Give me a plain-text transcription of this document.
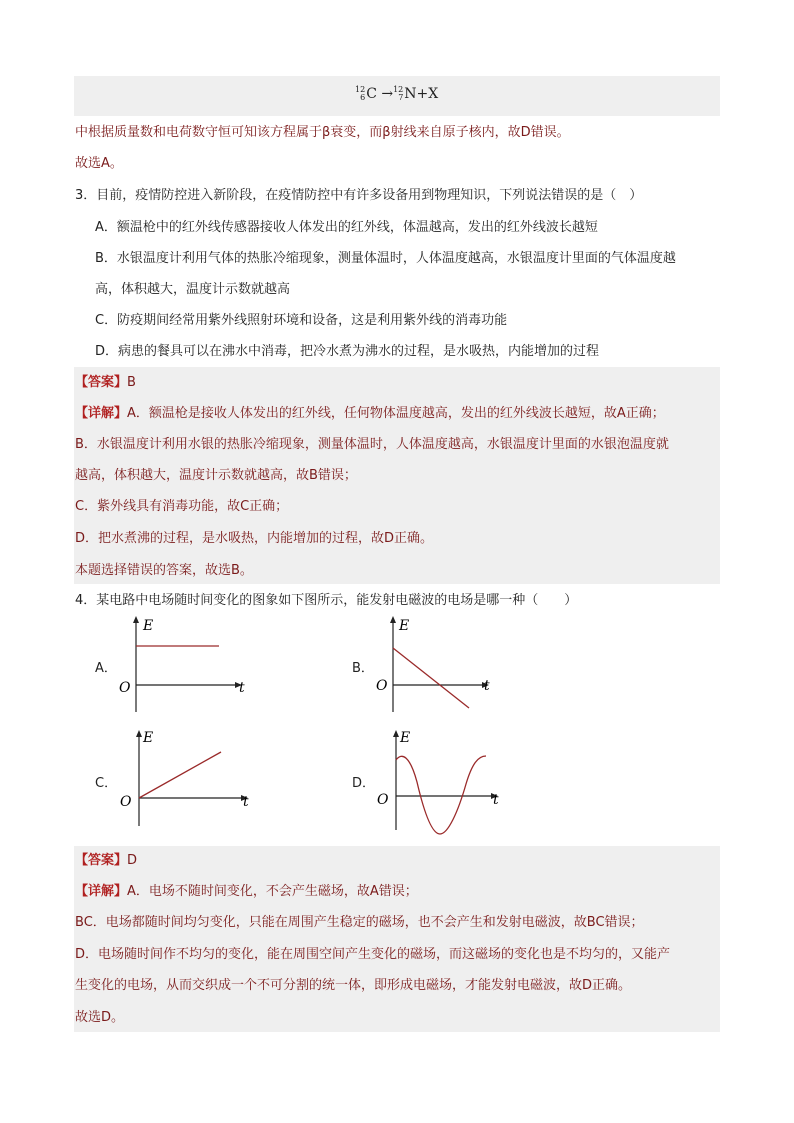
12
6C →12
7N+X
中根据质量数和电荷数守恒可知该方程属于β衰变，而β射线来自原子核内，故D错误。
故选A。
3．目前，疫情防控进入新阶段，在疫情防控中有许多设备用到物理知识，下列说法错误的是（　）
A．额温枪中的红外线传感器接收人体发出的红外线，体温越高，发出的红外线波长越短
B．水银温度计利用气体的热胀冷缩现象，测量体温时，人体温度越高，水银温度计里面的气体温度越
高，体积越大，温度计示数就越高
C．防疫期间经常用紫外线照射环境和设备，这是利用紫外线的消毒功能
D．病患的餐具可以在沸水中消毒，把冷水煮为沸水的过程，是水吸热，内能增加的过程
【答案】B
【详解】A．额温枪是接收人体发出的红外线，任何物体温度越高，发出的红外线波长越短，故A正确；
B．水银温度计利用水银的热胀冷缩现象，测量体温时，人体温度越高，水银温度计里面的水银泡温度就
越高，体积越大，温度计示数就越高，故B错误；
C．紫外线具有消毒功能，故C正确；
D．把水煮沸的过程，是水吸热，内能增加的过程，故D正确。
本题选择错误的答案，故选B。
4．某电路中电场随时间变化的图象如下图所示，能发射电磁波的电场是哪一种（　　）
A．	B．
C．	D．
E
t
O
E
t
O
E
t
O
E
t
O
【答案】D
【详解】A．电场不随时间变化，不会产生磁场，故A错误；
BC．电场都随时间均匀变化，只能在周围产生稳定的磁场，也不会产生和发射电磁波，故BC错误；
D．电场随时间作不均匀的变化，能在周围空间产生变化的磁场，而这磁场的变化也是不均匀的，又能产
生变化的电场，从而交织成一个不可分割的统一体，即形成电磁场，才能发射电磁波，故D正确。
故选D。
